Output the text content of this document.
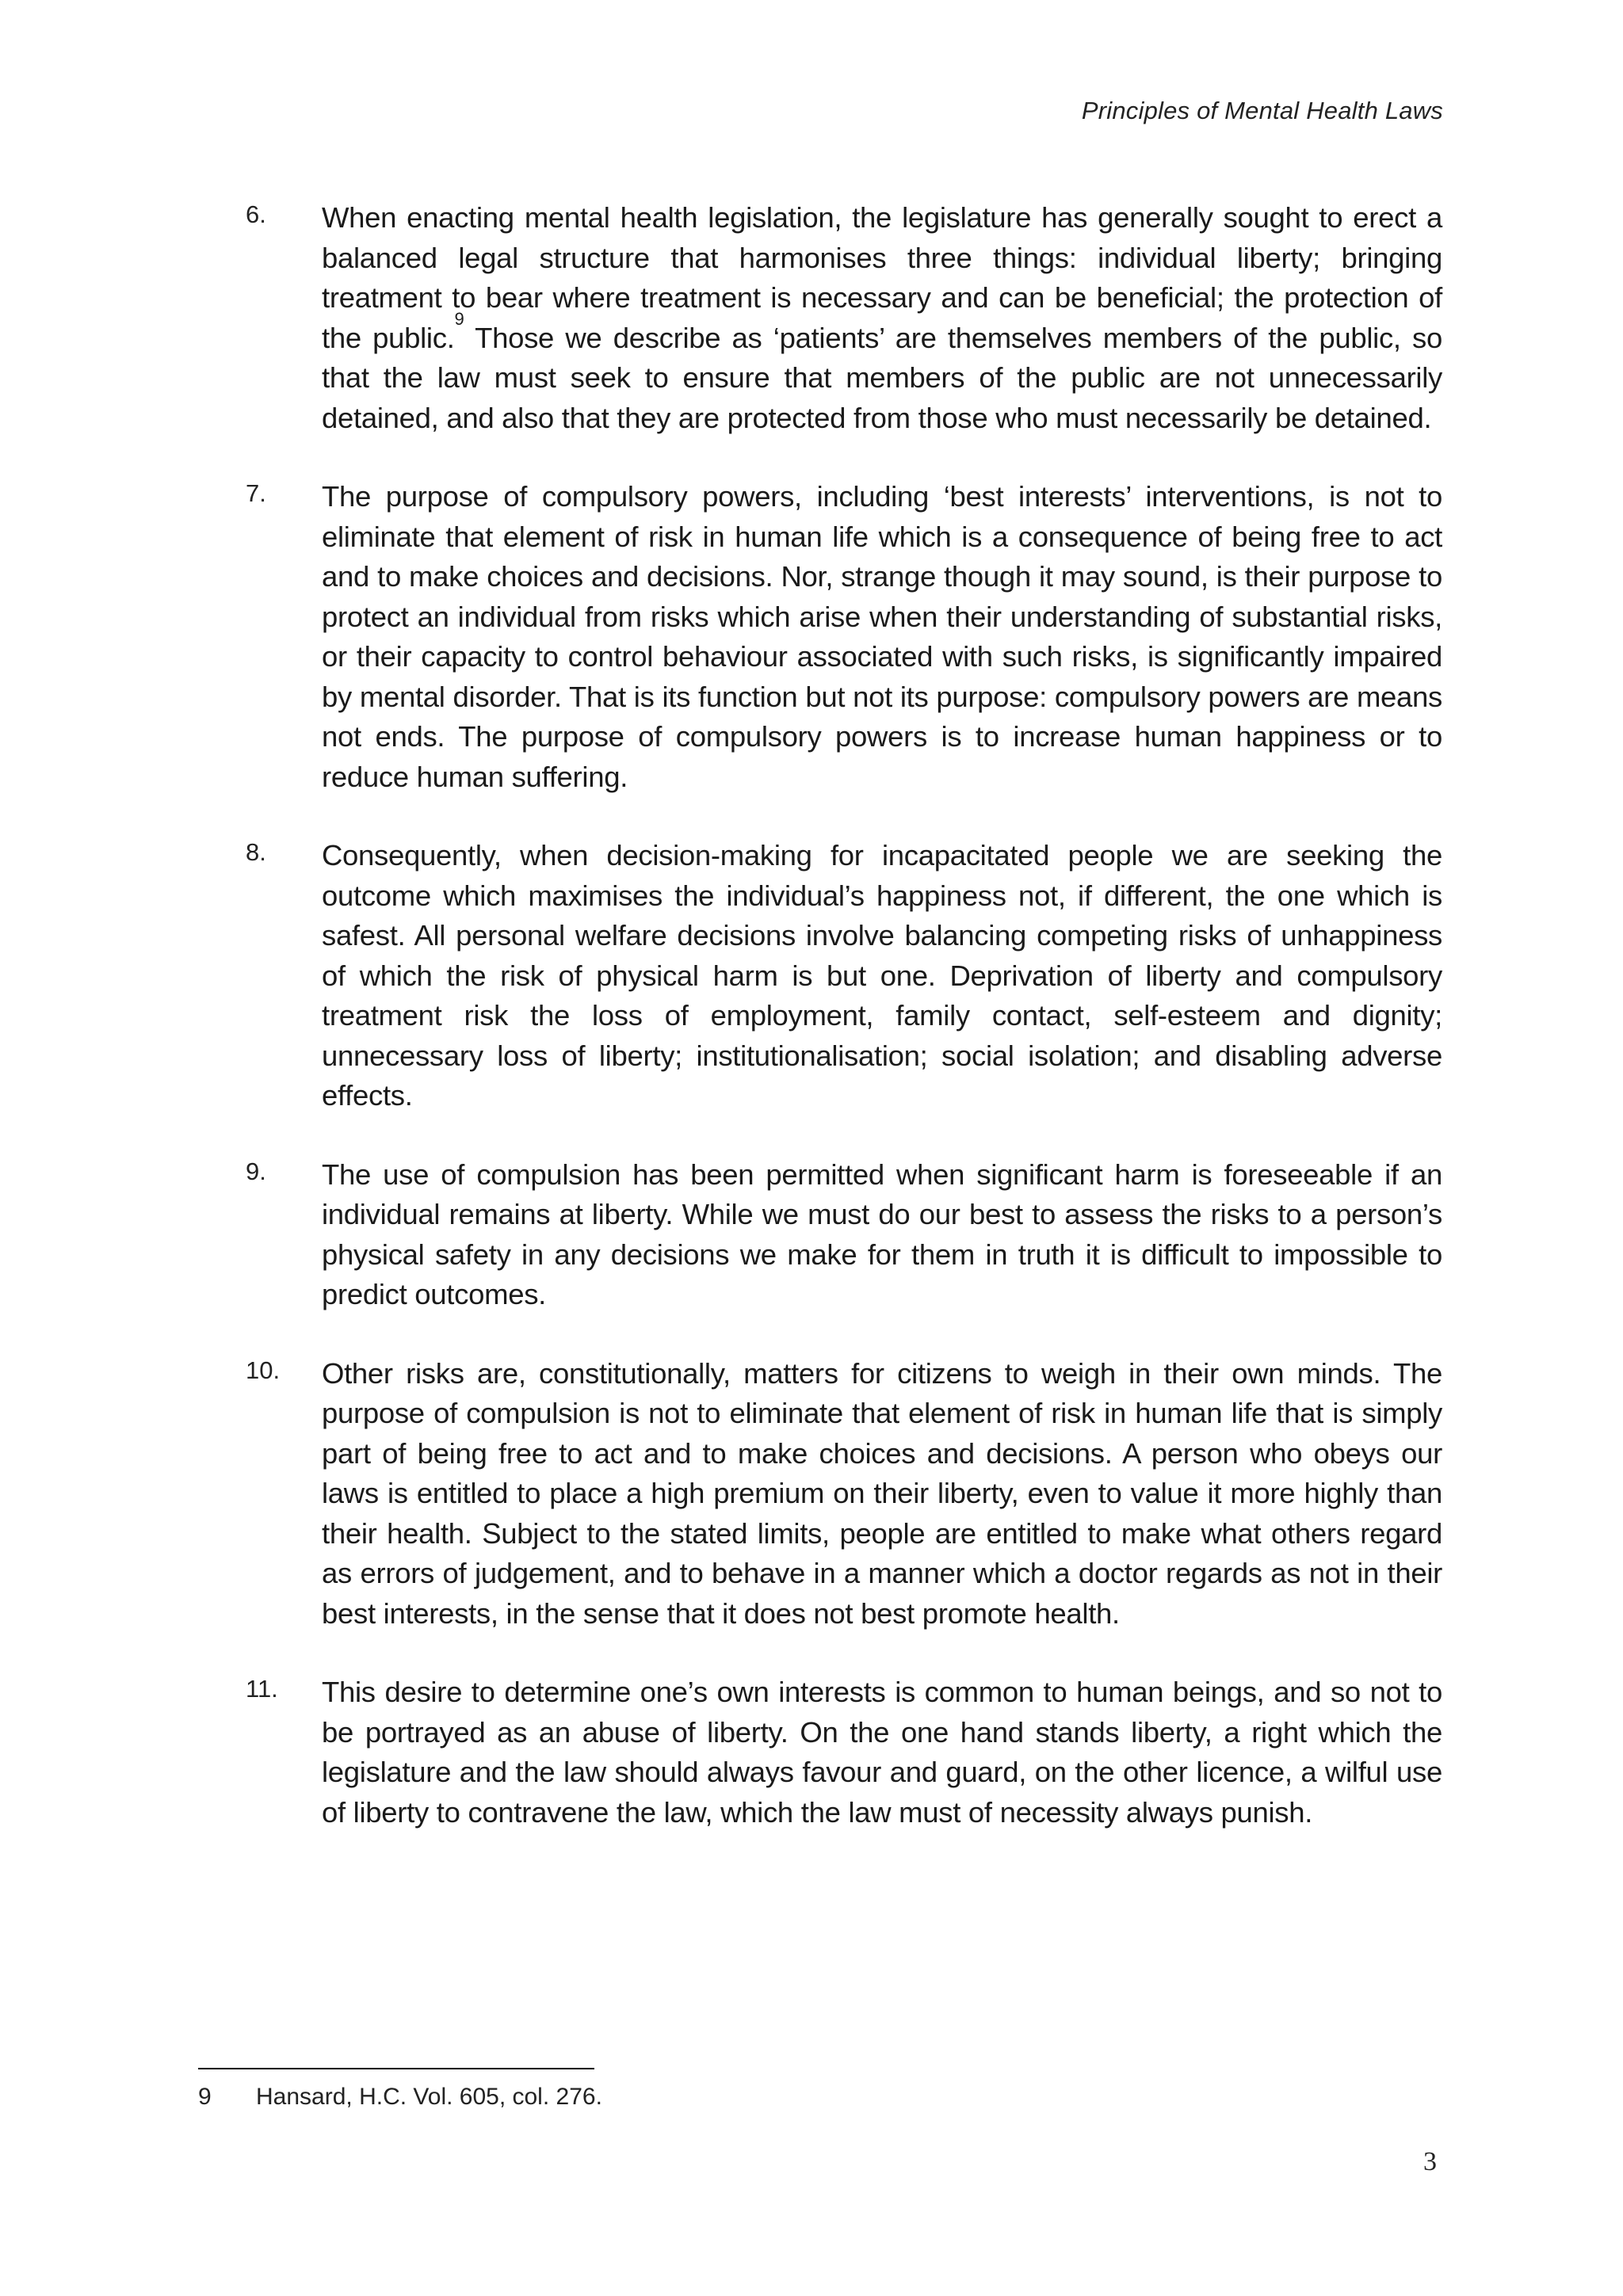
Principles of Mental Health Laws
6. When enacting mental health legislation, the legislature has generally sought to erect a balanced legal structure that harmonises three things: individual liberty; bringing treatment to bear where treatment is necessary and can be beneficial; the protection of the public.$^9$ Those we describe as ‘patients’ are themselves members of the public, so that the law must seek to ensure that members of the public are not unnecessarily detained, and also that they are protected from those who must necessarily be detained.
7. The purpose of compulsory powers, including ‘best interests’ interventions, is not to eliminate that element of risk in human life which is a consequence of being free to act and to make choices and decisions. Nor, strange though it may sound, is their purpose to protect an individual from risks which arise when their understanding of substantial risks, or their capacity to control behaviour associated with such risks, is significantly impaired by mental disorder. That is its function but not its purpose: compulsory powers are means not ends. The purpose of compulsory powers is to increase human happiness or to reduce human suffering.
8. Consequently, when decision-making for incapacitated people we are seeking the outcome which maximises the individual’s happiness not, if different, the one which is safest. All personal welfare decisions involve balancing competing risks of unhappiness of which the risk of physical harm is but one. Deprivation of liberty and compulsory treatment risk the loss of employment, family contact, self-esteem and dignity; unnecessary loss of liberty; institutionalisation; social isolation; and disabling adverse effects.
9. The use of compulsion has been permitted when significant harm is foreseeable if an individual remains at liberty. While we must do our best to assess the risks to a person’s physical safety in any decisions we make for them in truth it is difficult to impossible to predict outcomes.
10. Other risks are, constitutionally, matters for citizens to weigh in their own minds. The purpose of compulsion is not to eliminate that element of risk in human life that is simply part of being free to act and to make choices and decisions. A person who obeys our laws is entitled to place a high premium on their liberty, even to value it more highly than their health. Subject to the stated limits, people are entitled to make what others regard as errors of judgement, and to behave in a manner which a doctor regards as not in their best interests, in the sense that it does not best promote health.
11. This desire to determine one’s own interests is common to human beings, and so not to be portrayed as an abuse of liberty. On the one hand stands liberty, a right which the legislature and the law should always favour and guard, on the other licence, a wilful use of liberty to contravene the law, which the law must of necessity always punish.
9 Hansard, H.C. Vol. 605, col. 276.
3
